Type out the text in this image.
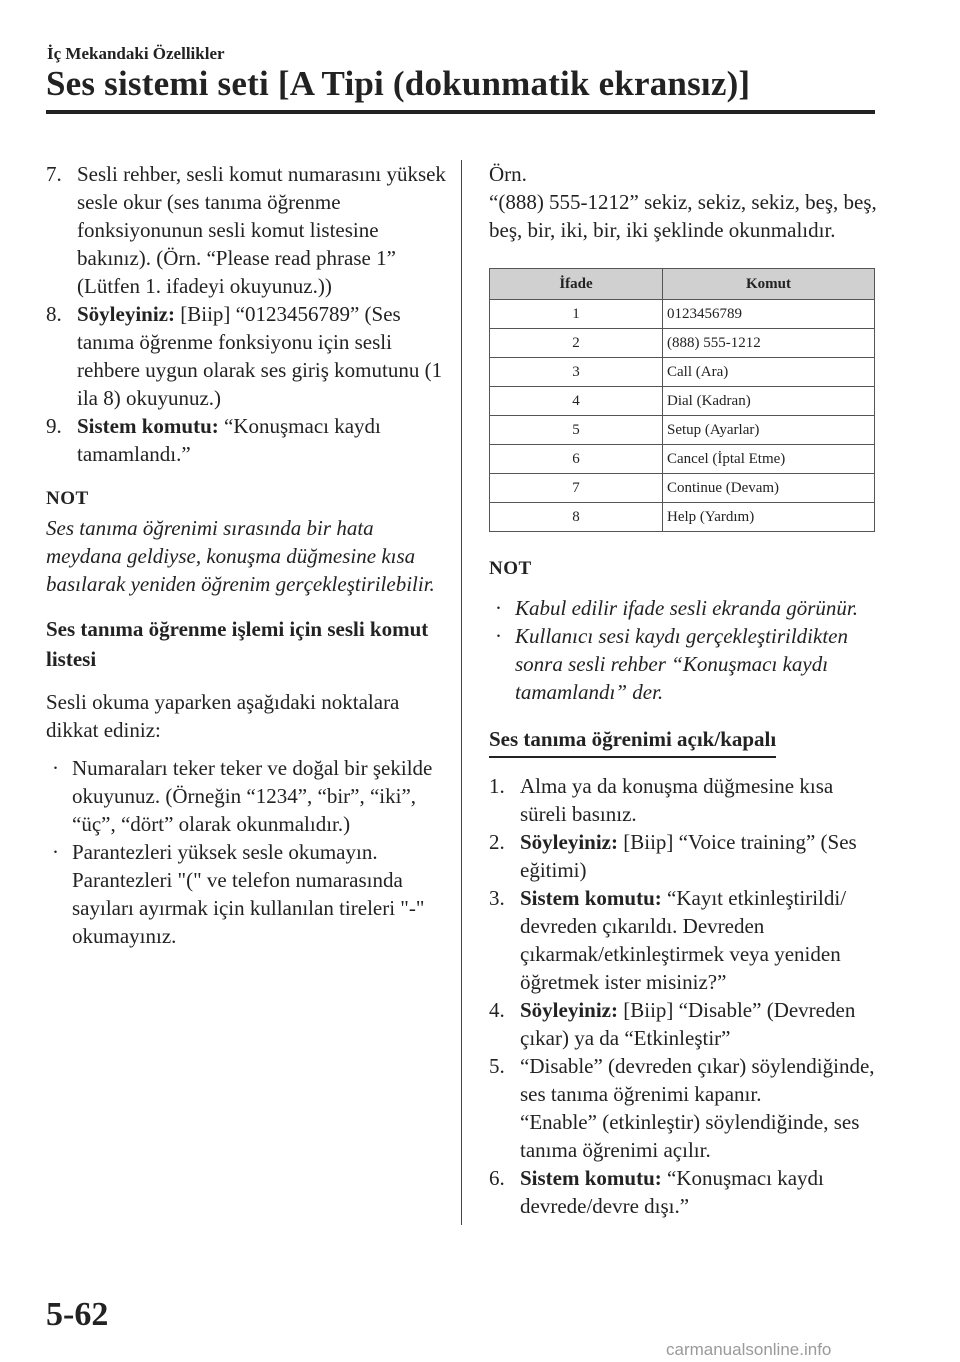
İç Mekandaki Özellikler
Ses sistemi seti [A Tipi (dokunmatik ekransız)]
7. Sesli rehber, sesli komut numarasını yüksek sesle okur (ses tanıma öğrenme fonksiyonunun sesli komut listesine bakınız). (Örn. “Please read phrase 1” (Lütfen 1. ifadeyi okuyunuz.))
8. Söyleyiniz: [Biip] “0123456789” (Ses tanıma öğrenme fonksiyonu için sesli rehbere uygun olarak ses giriş komutunu (1 ila 8) okuyunuz.)
9. Sistem komutu: “Konuşmacı kaydı tamamlandı.”
NOT
Ses tanıma öğrenimi sırasında bir hata meydana geldiyse, konuşma düğmesine kısa basılarak yeniden öğrenim gerçekleştirilebilir.
Ses tanıma öğrenme işlemi için sesli komut listesi
Sesli okuma yaparken aşağıdaki noktalara dikkat ediniz:
· Numaraları teker teker ve doğal bir şekilde okuyunuz. (Örneğin “1234”, “bir”, “iki”, “üç”, “dört” olarak okunmalıdır.)
· Parantezleri yüksek sesle okumayın. Parantezleri "(" ve telefon numarasında sayıları ayırmak için kullanılan tireleri "-" okumayınız.
Örn.
“(888) 555-1212” sekiz, sekiz, sekiz, beş, beş, beş, bir, iki, bir, iki şeklinde okunmalıdır.
İfade	Komut
1	0123456789
2	(888) 555-1212
3	Call (Ara)
4	Dial (Kadran)
5	Setup (Ayarlar)
6	Cancel (İptal Etme)
7	Continue (Devam)
8	Help (Yardım)
NOT
· Kabul edilir ifade sesli ekranda görünür.
· Kullanıcı sesi kaydı gerçekleştirildikten sonra sesli rehber “Konuşmacı kaydı tamamlandı” der.
Ses tanıma öğrenimi açık/kapalı
1. Alma ya da konuşma düğmesine kısa süreli basınız.
2. Söyleyiniz: [Biip] “Voice training” (Ses eğitimi)
3. Sistem komutu: “Kayıt etkinleştirildi/ devreden çıkarıldı. Devreden çıkarmak/etkinleştirmek veya yeniden öğretmek ister misiniz?”
4. Söyleyiniz: [Biip] “Disable” (Devreden çıkar) ya da “Etkinleştir”
5. “Disable” (devreden çıkar) söylendiğinde, ses tanıma öğrenimi kapanır.
“Enable” (etkinleştir) söylendiğinde, ses tanıma öğrenimi açılır.
6. Sistem komutu: “Konuşmacı kaydı devrede/devre dışı.”
5-62
carmanualsonline.info
